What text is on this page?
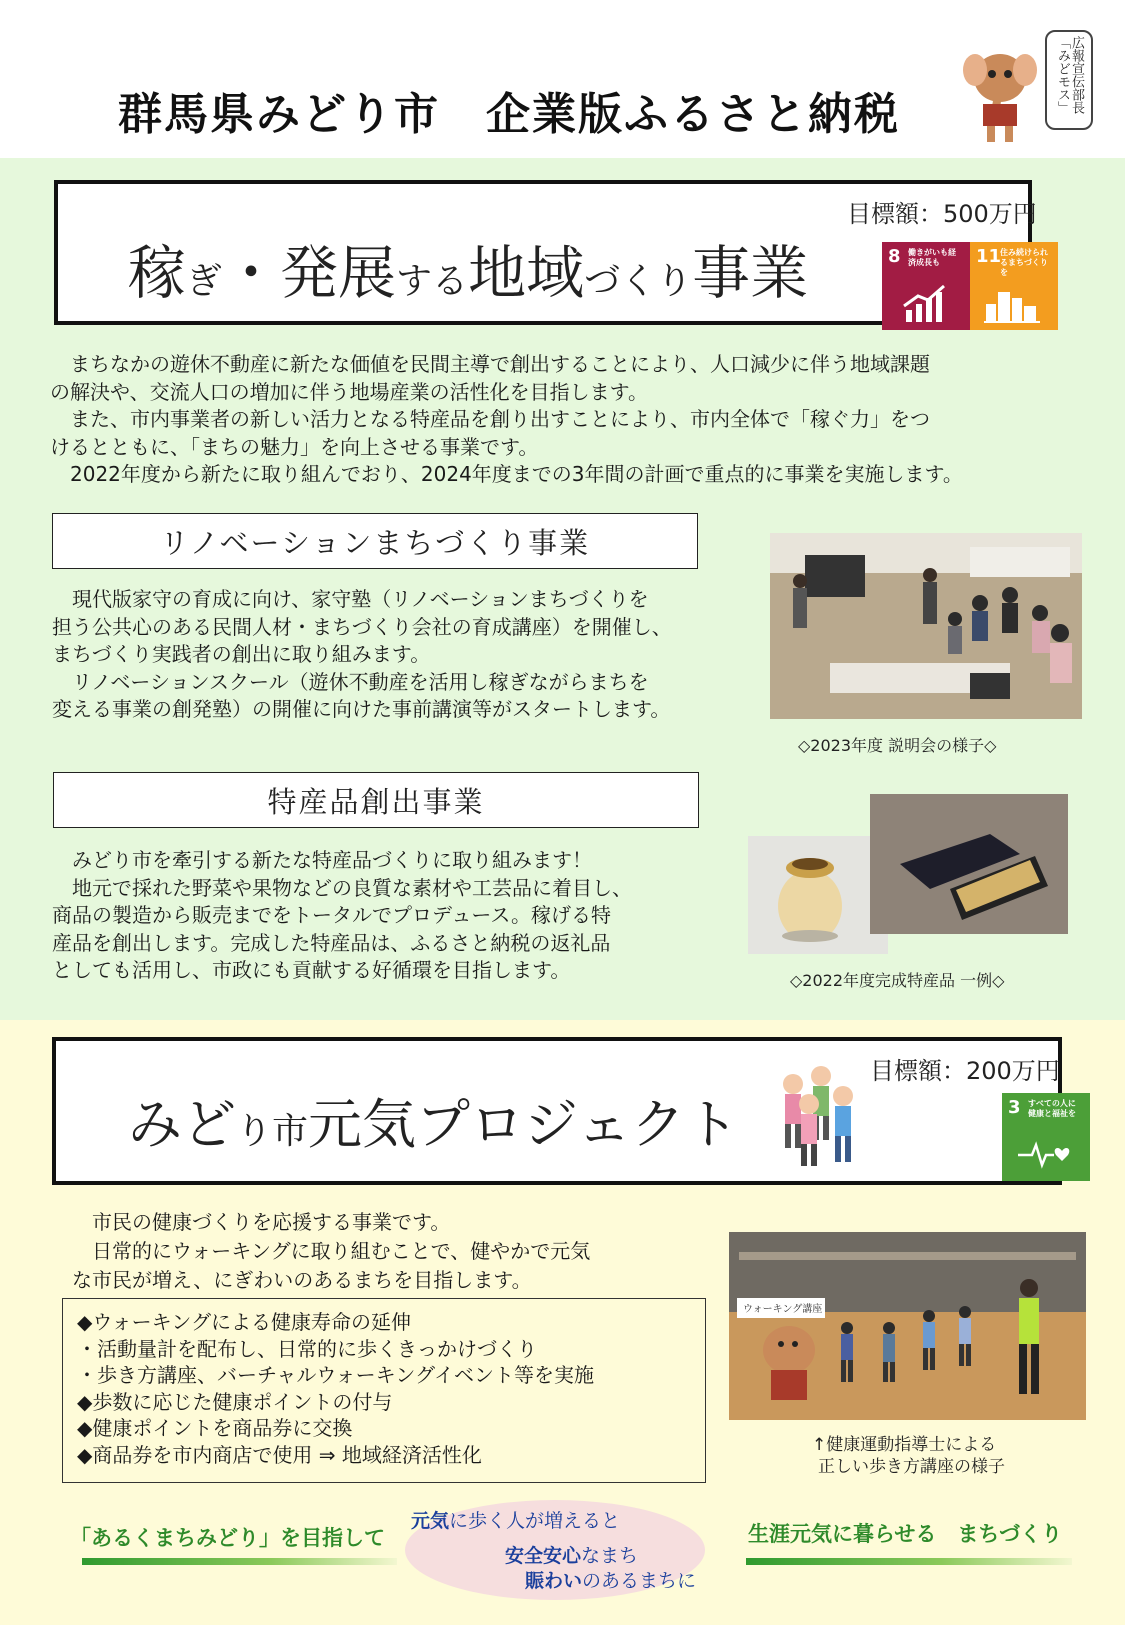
群馬県みどり市　企業版ふるさと納税
広報宣伝部長「みどモス」
目標額：500万円
稼ぎ・発展する地域づくり事業	8 働きがいも経済成長も	11
住み続けられるまちづくりを

　まちなかの遊休不動産に新たな価値を民間主導で創出することにより、人口減少に伴う地域課題

の解決や、交流人口の増加に伴う地場産業の活性化を目指します。

　また、市内事業者の新しい活力となる特産品を創り出すことにより、市内全体で「稼ぐ力」をつ

けるとともに、「まちの魅力」を向上させる事業です。

　2022年度から新たに取り組んでおり、2024年度までの3年間の計画で重点的に事業を実施します。

リノベーションまちづくり事業

　現代版家守の育成に向け、家守塾（リノベーションまちづくりを

担う公共心のある民間人材・まちづくり会社の育成講座）を開催し、

まちづくり実践者の創出に取り組みます。

　リノベーションスクール（遊休不動産を活用し稼ぎながらまちを

変える事業の創発塾）の開催に向けた事前講演等がスタートします。

◇2023年度 説明会の様子◇
特産品創出事業

　みどり市を牽引する新たな特産品づくりに取り組みます！

　地元で採れた野菜や果物などの良質な素材や工芸品に着目し、

商品の製造から販売までをトータルでプロデュース。稼げる特

産品を創出します。完成した特産品は、ふるさと納税の返礼品

としても活用し、市政にも貢献する好循環を目指します。	◇2022年度完成特産品 一例◇
目標額：200万円
みどり市元気プロジェクト	3 すべての人に健康と福祉を

　市民の健康づくりを応援する事業です。

　日常的にウォーキングに取り組むことで、健やかで元気

な市民が増え、にぎわいのあるまちを目指します。

◆ウォーキングによる健康寿命の延伸

・活動量計を配布し、日常的に歩くきっかけづくり

・歩き方講座、バーチャルウォーキングイベント等を実施

◆歩数に応じた健康ポイントの付与

◆健康ポイントを商品券に交換

◆商品券を市内商店で使用 ⇒ 地域経済活性化

ウォーキング講座
↑健康運動指導士による
正しい歩き方講座の様子
「あるくまちみどり」を目指して
元気に歩く人が増えると
安全安心なまち
賑わいのあるまちに
生涯元気に暮らせる　まちづくり
